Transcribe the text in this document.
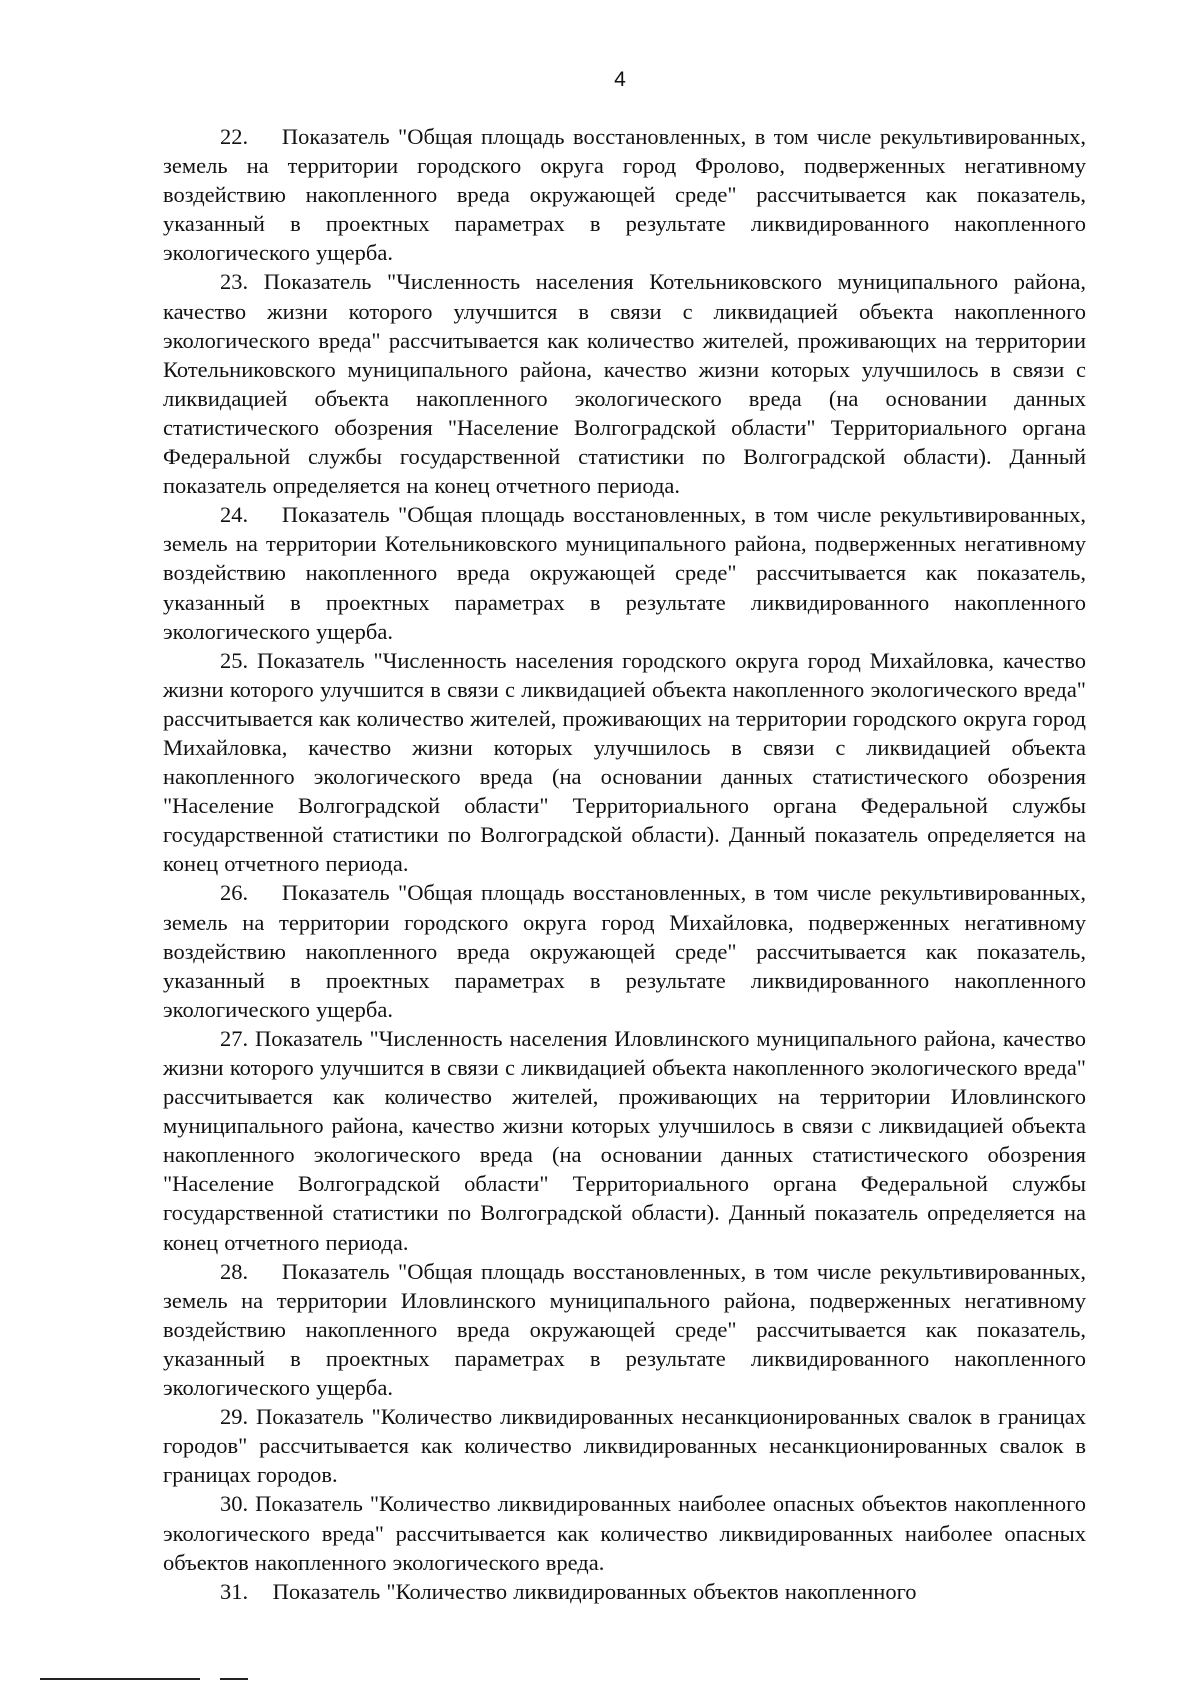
4

22.    Показатель "Общая площадь восстановленных, в том числе рекультивированных, земель на территории городского округа город Фролово, подверженных негативному воздействию накопленного вреда окружающей среде" рассчитывается как показатель, указанный в проектных параметрах в результате ликвидированного накопленного экологического ущерба.

23. Показатель "Численность населения Котельниковского муниципального района, качество жизни которого улучшится в связи с ликвидацией объекта накопленного экологического вреда" рассчитывается как количество жителей, проживающих на территории Котельниковского муниципального района, качество жизни которых улучшилось в связи с ликвидацией объекта накопленного экологического вреда (на основании данных статистического обозрения "Население Волгоградской области" Территориального органа Федеральной службы государственной статистики по Волгоградской области). Данный показатель определяется на конец отчетного периода.

24.    Показатель "Общая площадь восстановленных, в том числе рекультивированных, земель на территории Котельниковского муниципального района, подверженных негативному воздействию накопленного вреда окружающей среде" рассчитывается как показатель, указанный в проектных параметрах в результате ликвидированного накопленного экологического ущерба.

25. Показатель "Численность населения городского округа город Михайловка, качество жизни которого улучшится в связи с ликвидацией объекта накопленного экологического вреда" рассчитывается как количество жителей, проживающих на территории городского округа город Михайловка, качество жизни которых улучшилось в связи с ликвидацией объекта накопленного экологического вреда (на основании данных статистического обозрения "Население Волгоградской области" Территориального органа Федеральной службы государственной статистики по Волгоградской области). Данный показатель определяется на конец отчетного периода.

26.    Показатель "Общая площадь восстановленных, в том числе рекультивированных, земель на территории городского округа город Михайловка, подверженных негативному воздействию накопленного вреда окружающей среде" рассчитывается как показатель, указанный в проектных параметрах в результате ликвидированного накопленного экологического ущерба.

27. Показатель "Численность населения Иловлинского муниципального района, качество жизни которого улучшится в связи с ликвидацией объекта накопленного экологического вреда" рассчитывается как количество жителей, проживающих на территории Иловлинского муниципального района, качество жизни которых улучшилось в связи с ликвидацией объекта накопленного экологического вреда (на основании данных статистического обозрения "Население Волгоградской области" Территориального органа Федеральной службы государственной статистики по Волгоградской области). Данный показатель определяется на конец отчетного периода.

28.    Показатель "Общая площадь восстановленных, в том числе рекультивированных, земель на территории Иловлинского муниципального района, подверженных негативному воздействию накопленного вреда окружающей среде" рассчитывается как показатель, указанный в проектных параметрах в результате ликвидированного накопленного экологического ущерба.

29. Показатель "Количество ликвидированных несанкционированных свалок в границах городов" рассчитывается как количество ликвидированных несанкционированных свалок в границах городов.

30. Показатель "Количество ликвидированных наиболее опасных объектов накопленного экологического вреда" рассчитывается как количество ликвидированных наиболее опасных объектов накопленного экологического вреда.

31.    Показатель "Количество ликвидированных объектов накопленного
